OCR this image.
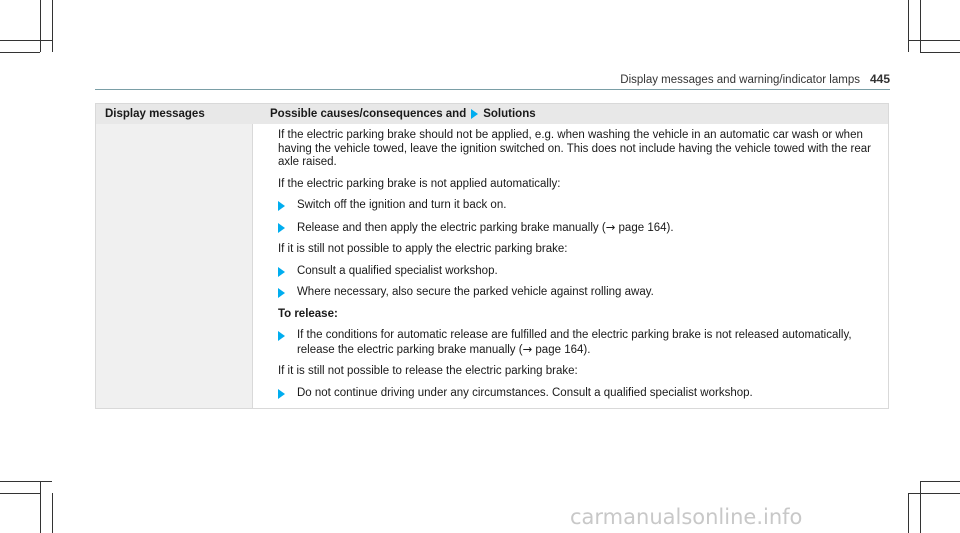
Display messages and warning/indicator lamps 445
Display messages	Possible causes/consequences and Solutions

If the electric parking brake should not be applied, e.g. when washing the vehicle in an automatic car wash or when having the vehicle towed, leave the ignition switched on. This does not include having the vehicle towed with the rear axle raised.

If the electric parking brake is not applied automatically:

Switch off the ignition and turn it back on.
Release and then apply the electric parking brake manually (→ page 164).

If it is still not possible to apply the electric parking brake:

Consult a qualified specialist workshop.
Where necessary, also secure the parked vehicle against rolling away.

To release:

If the conditions for automatic release are fulfilled and the electric parking brake is not released automatically, release the electric parking brake manually (→ page 164).

If it is still not possible to release the electric parking brake:

Do not continue driving under any circumstances. Consult a qualified specialist workshop.
carmanualsonline.info
